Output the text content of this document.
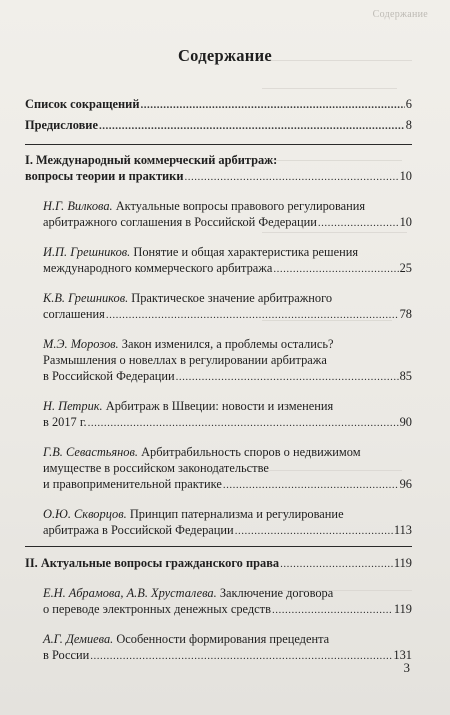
Содержание
Содержание
Список сокращений .....	6
Предисловие .....	8
I. Международный коммерческий арбитраж:
вопросы теории и практики .....	10
Н.Г. Вилкова. Актуальные вопросы правового регулирования
арбитражного соглашения в Российской Федерации .....	10
И.П. Грешников. Понятие и общая характеристика решения
международного коммерческого арбитража .....	25
К.В. Грешников. Практическое значение арбитражного
соглашения .....	78
М.Э. Морозов. Закон изменился, а проблемы остались?
Размышления о новеллах в регулировании арбитража
в Российской Федерации .....	85
Н. Петрик. Арбитраж в Швеции: новости и изменения
в 2017 г. .....	90
Г.В. Севастьянов. Арбитрабильность споров о недвижимом
имуществе в российском законодательстве
и правоприменительной практике .....	96
О.Ю. Скворцов. Принцип патернализма и регулирование
арбитража в Российской Федерации .....	113
II. Актуальные вопросы гражданского права .....	119
Е.Н. Абрамова, А.В. Хрусталева. Заключение договора
о переводе электронных денежных средств .....	119
А.Г. Демиева. Особенности формирования прецедента
в России .....	131
3
